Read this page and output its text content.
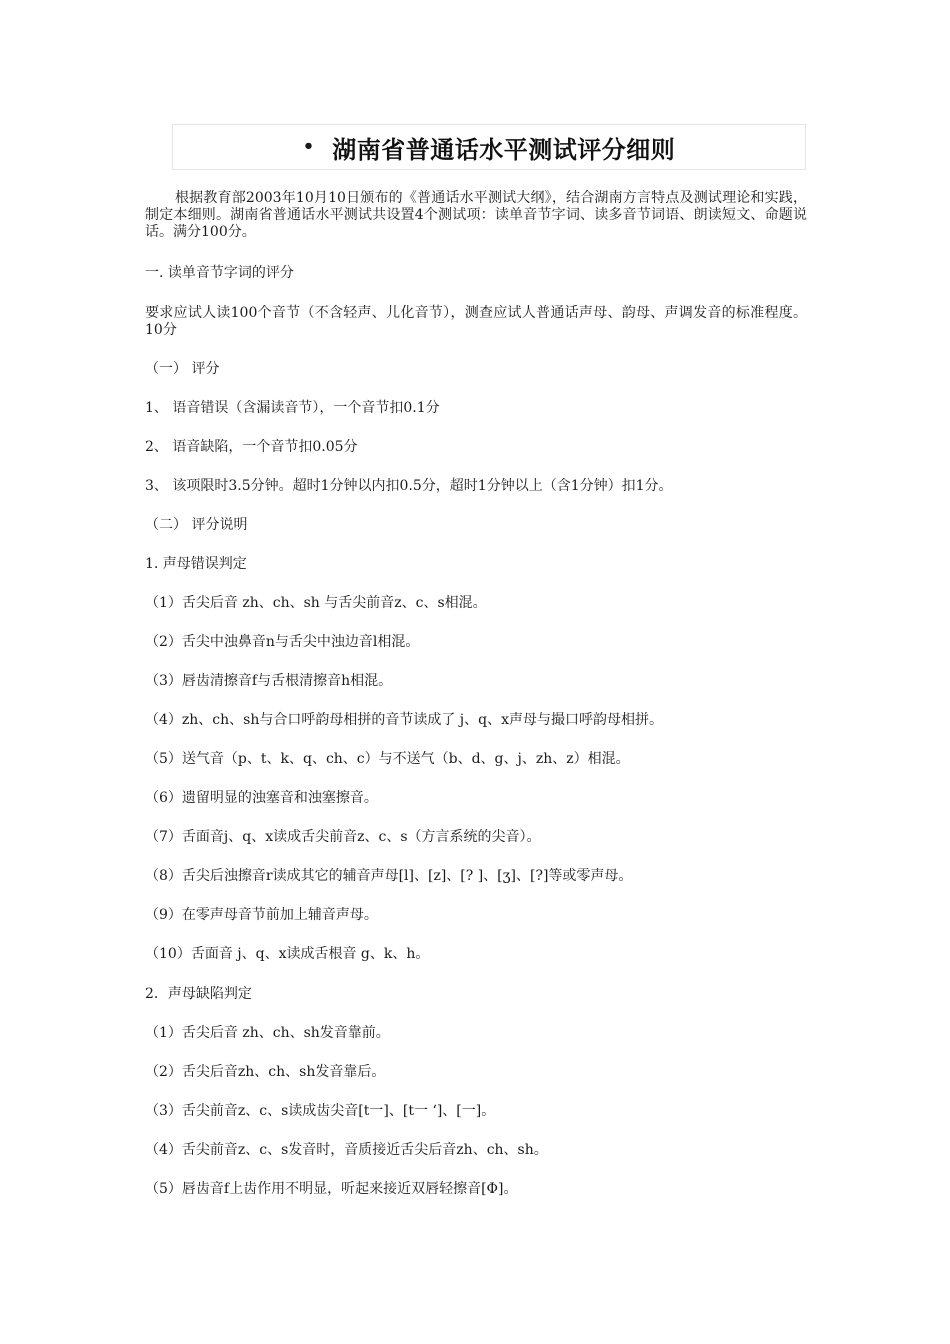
• 湖南省普通话水平测试评分细则

根据教育部2003年10月10日颁布的《普通话水平测试大纲》，结合湖南方言特点及测试理论和实践，制定本细则。湖南省普通话水平测试共设置4个测试项：读单音节字词、读多音节词语、朗读短文、命题说话。满分100分。

一. 读单音节字词的评分

要求应试人读100个音节（不含轻声、儿化音节），测查应试人普通话声母、韵母、声调发音的标准程度。10分

（一） 评分

1、 语音错误（含漏读音节），一个音节扣0.1分

2、 语音缺陷，一个音节扣0.05分

3、 该项限时3.5分钟。超时1分钟以内扣0.5分，超时1分钟以上（含1分钟）扣1分。

（二） 评分说明

1. 声母错误判定

（1）舌尖后音 zh、ch、sh 与舌尖前音z、c、s相混。

（2）舌尖中浊鼻音n与舌尖中浊边音l相混。

（3）唇齿清擦音f与舌根清擦音h相混。

（4）zh、ch、sh与合口呼韵母相拼的音节读成了 j、q、x声母与撮口呼韵母相拼。

（5）送气音（p、t、k、q、ch、c）与不送气（b、d、g、j、zh、z）相混。

（6）遗留明显的浊塞音和浊塞擦音。

（7）舌面音j、q、x读成舌尖前音z、c、s（方言系统的尖音）。

（8）舌尖后浊擦音r读成其它的辅音声母[l]、[z]、[? ]、[ʒ]、[?]等或零声母。

（9）在零声母音节前加上辅音声母。

（10）舌面音 j、q、x读成舌根音 g、k、h。

2．声母缺陷判定

（1）舌尖后音 zh、ch、sh发音靠前。

（2）舌尖后音zh、ch、sh发音靠后。

（3）舌尖前音z、c、s读成齿尖音[t一]、[t一 ‘]、[一]。

（4）舌尖前音z、c、s发音时，音质接近舌尖后音zh、ch、sh。

（5）唇齿音f上齿作用不明显，听起来接近双唇轻擦音[Φ]。
